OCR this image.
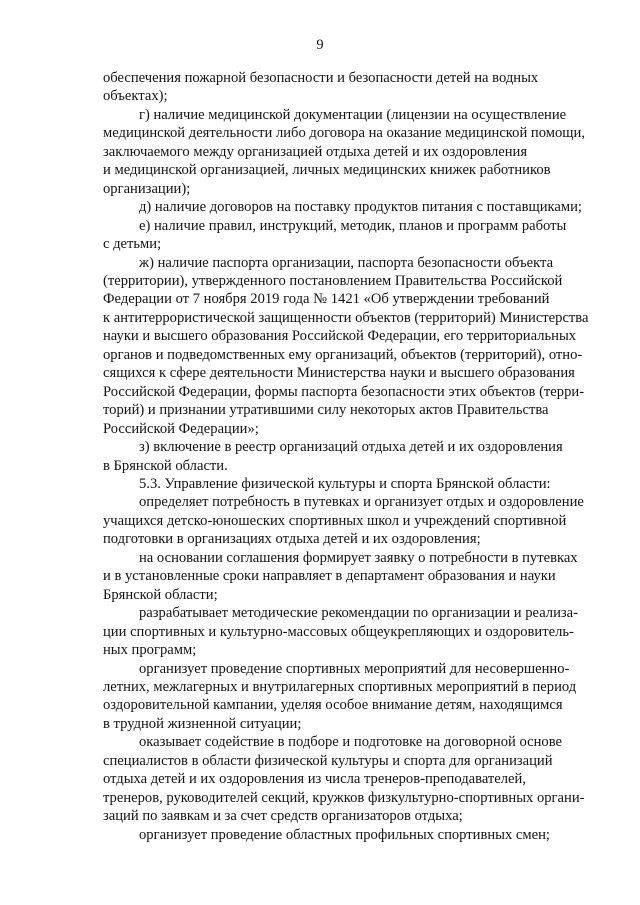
9

обеспечения пожарной безопасности и безопасности детей на водных
объектах);

г) наличие медицинской документации (лицензии на осуществление
медицинской деятельности либо договора на оказание медицинской помощи,
заключаемого между организацией отдыха детей и их оздоровления
и медицинской организацией, личных медицинских книжек работников
организации);

д) наличие договоров на поставку продуктов питания с поставщиками;

е) наличие правил, инструкций, методик, планов и программ работы
с детьми;

ж) наличие паспорта организации, паспорта безопасности объекта
(территории), утвержденного постановлением Правительства Российской
Федерации от 7 ноября 2019 года № 1421 «Об утверждении требований
к антитеррористической защищенности объектов (территорий) Министерства
науки и высшего образования Российской Федерации, его территориальных
органов и подведомственных ему организаций, объектов (территорий), отно-
сящихся к сфере деятельности Министерства науки и высшего образования
Российской Федерации, формы паспорта безопасности этих объектов (терри-
торий) и признании утратившими силу некоторых актов Правительства
Российской Федерации»;

з) включение в реестр организаций отдыха детей и их оздоровления
в Брянской области.

5.3. Управление физической культуры и спорта Брянской области:

определяет потребность в путевках и организует отдых и оздоровление
учащихся детско-юношеских спортивных школ и учреждений спортивной
подготовки в организациях отдыха детей и их оздоровления;

на основании соглашения формирует заявку о потребности в путевках
и в установленные сроки направляет в департамент образования и науки
Брянской области;

разрабатывает методические рекомендации по организации и реализа-
ции спортивных и культурно-массовых общеукрепляющих и оздоровитель-
ных программ;

организует проведение спортивных мероприятий для несовершенно-
летних, межлагерных и внутрилагерных спортивных мероприятий в период
оздоровительной кампании, уделяя особое внимание детям, находящимся
в трудной жизненной ситуации;

оказывает содействие в подборе и подготовке на договорной основе
специалистов в области физической культуры и спорта для организаций
отдыха детей и их оздоровления из числа тренеров-преподавателей,
тренеров, руководителей секций, кружков физкультурно-спортивных органи-
заций по заявкам и за счет средств организаторов отдыха;

организует проведение областных профильных спортивных смен;
